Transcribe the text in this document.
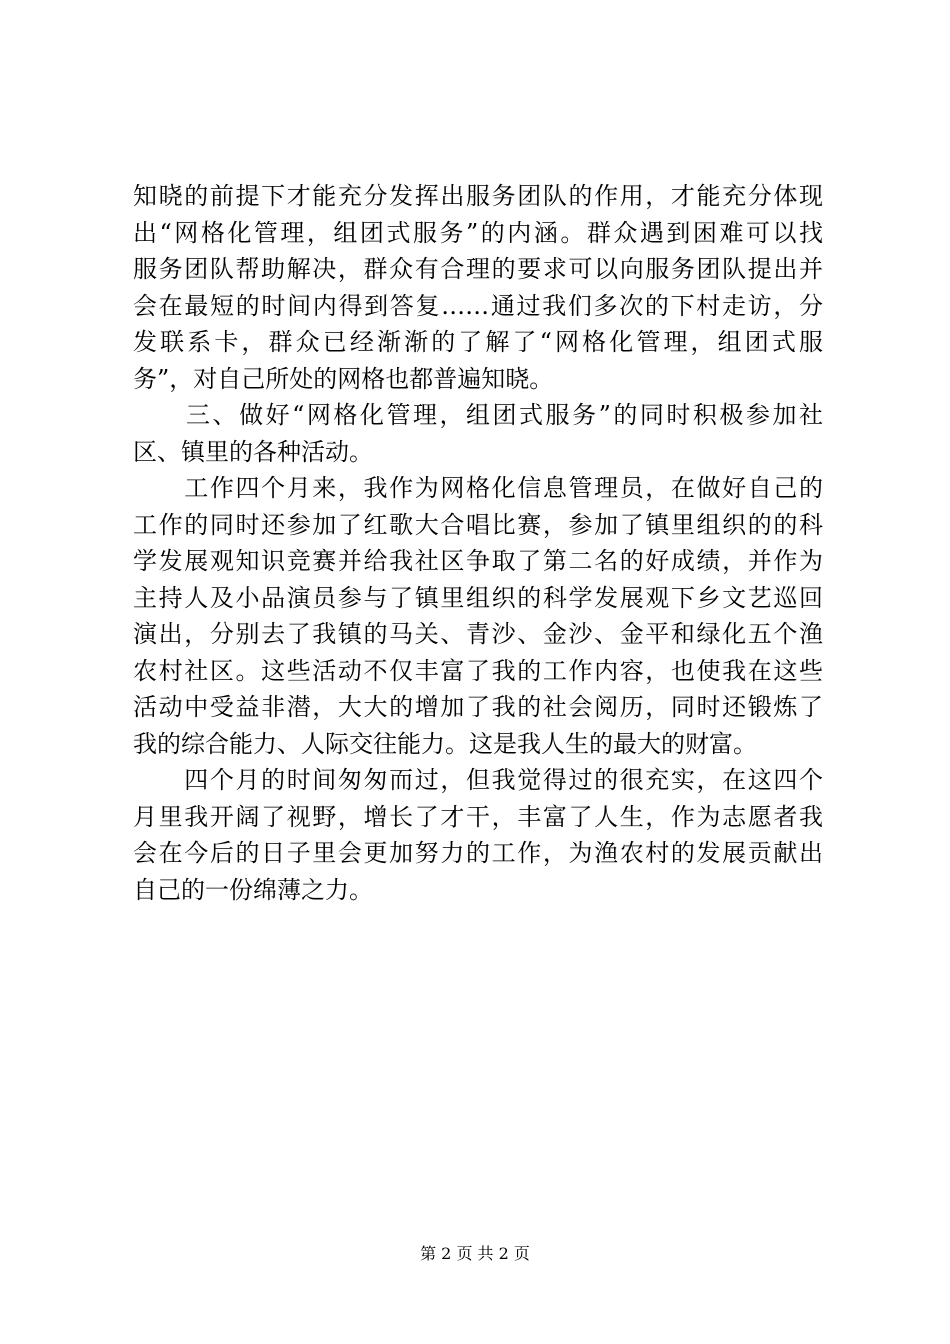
知晓的前提下才能充分发挥出服务团队的作用，才能充分体现
出“网格化管理，组团式服务”的内涵。群众遇到困难可以找
服务团队帮助解决，群众有合理的要求可以向服务团队提出并
会在最短的时间内得到答复……通过我们多次的下村走访，分
发联系卡，群众已经渐渐的了解了“网格化管理，组团式服
务”，对自己所处的网格也都普遍知晓。
　　三、做好“网格化管理，组团式服务”的同时积极参加社
区、镇里的各种活动。
　　工作四个月来，我作为网格化信息管理员，在做好自己的
工作的同时还参加了红歌大合唱比赛，参加了镇里组织的的科
学发展观知识竞赛并给我社区争取了第二名的好成绩，并作为
主持人及小品演员参与了镇里组织的科学发展观下乡文艺巡回
演出，分别去了我镇的马关、青沙、金沙、金平和绿化五个渔
农村社区。这些活动不仅丰富了我的工作内容，也使我在这些
活动中受益非潜，大大的增加了我的社会阅历，同时还锻炼了
我的综合能力、人际交往能力。这是我人生的最大的财富。
　　四个月的时间匆匆而过，但我觉得过的很充实，在这四个
月里我开阔了视野，增长了才干，丰富了人生，作为志愿者我
会在今后的日子里会更加努力的工作，为渔农村的发展贡献出
自己的一份绵薄之力。
第 2 页 共 2 页
